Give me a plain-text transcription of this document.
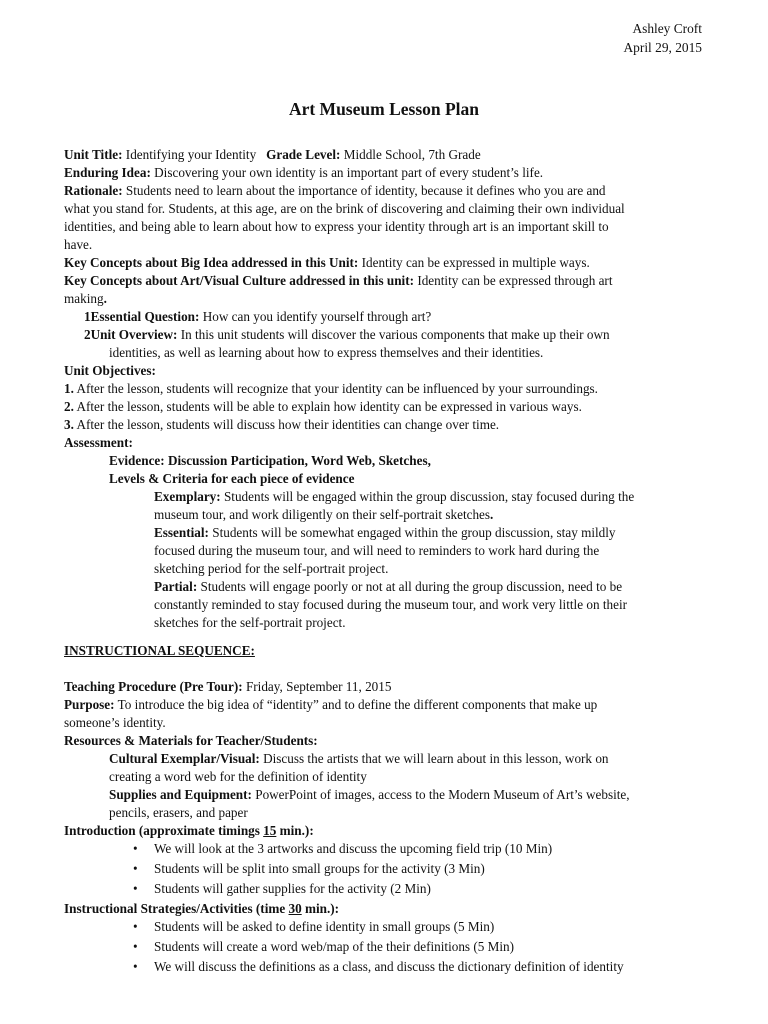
Ashley Croft
April 29, 2015
Art Museum Lesson Plan
Unit Title: Identifying your Identity Grade Level: Middle School, 7th Grade
Enduring Idea: Discovering your own identity is an important part of every student’s life.
Rationale: Students need to learn about the importance of identity, because it defines who you are and
what you stand for. Students, at this age, are on the brink of discovering and claiming their own individual
identities, and being able to learn about how to express your identity through art is an important skill to
have.
Key Concepts about Big Idea addressed in this Unit: Identity can be expressed in multiple ways.
Key Concepts about Art/Visual Culture addressed in this unit: Identity can be expressed through art
making.
1Essential Question: How can you identify yourself through art?
2Unit Overview: In this unit students will discover the various components that make up their own
identities, as well as learning about how to express themselves and their identities.
Unit Objectives:
1. After the lesson, students will recognize that your identity can be influenced by your surroundings.
2. After the lesson, students will be able to explain how identity can be expressed in various ways.
3. After the lesson, students will discuss how their identities can change over time.
Assessment:
Evidence: Discussion Participation, Word Web, Sketches,
Levels & Criteria for each piece of evidence
Exemplary: Students will be engaged within the group discussion, stay focused during the
museum tour, and work diligently on their self-portrait sketches.
Essential: Students will be somewhat engaged within the group discussion, stay mildly
focused during the museum tour, and will need to reminders to work hard during the
sketching period for the self-portrait project.
Partial: Students will engage poorly or not at all during the group discussion, need to be
constantly reminded to stay focused during the museum tour, and work very little on their
sketches for the self-portrait project.
INSTRUCTIONAL SEQUENCE:
Teaching Procedure (Pre Tour): Friday, September 11, 2015
Purpose: To introduce the big idea of “identity” and to define the different components that make up
someone’s identity.
Resources & Materials for Teacher/Students:
Cultural Exemplar/Visual: Discuss the artists that we will learn about in this lesson, work on
creating a word web for the definition of identity
Supplies and Equipment: PowerPoint of images, access to the Modern Museum of Art’s website,
pencils, erasers, and paper
Introduction (approximate timings 15 min.):
• We will look at the 3 artworks and discuss the upcoming field trip (10 Min)
• Students will be split into small groups for the activity (3 Min)
• Students will gather supplies for the activity (2 Min)
Instructional Strategies/Activities (time 30 min.):
• Students will be asked to define identity in small groups (5 Min)
• Students will create a word web/map of the their definitions (5 Min)
• We will discuss the definitions as a class, and discuss the dictionary definition of identity
